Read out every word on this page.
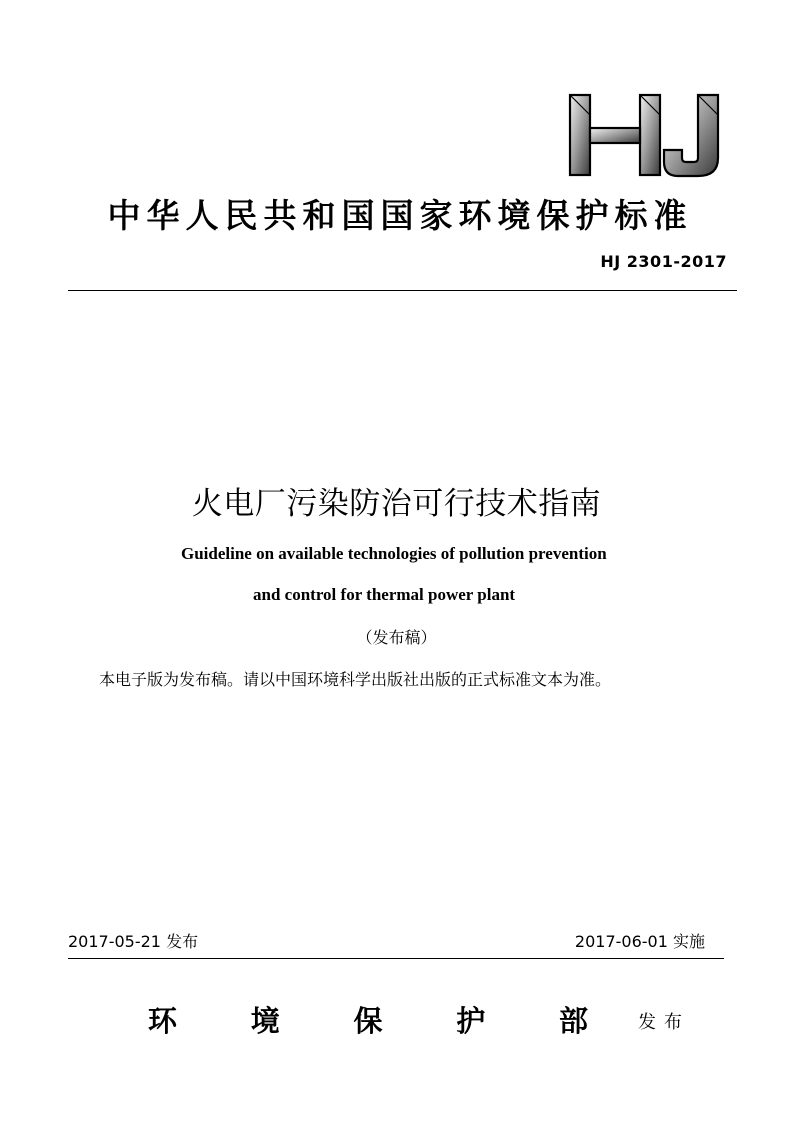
中华人民共和国国家环境保护标准
HJ 2301-2017
火电厂污染防治可行技术指南
Guideline on available technologies of pollution prevention
and control for thermal power plant
（发布稿）
本电子版为发布稿。请以中国环境科学出版社出版的正式标准文本为准。
2017-05-21 发布	2017-06-01 实施
环	境	保	护	部	发布
